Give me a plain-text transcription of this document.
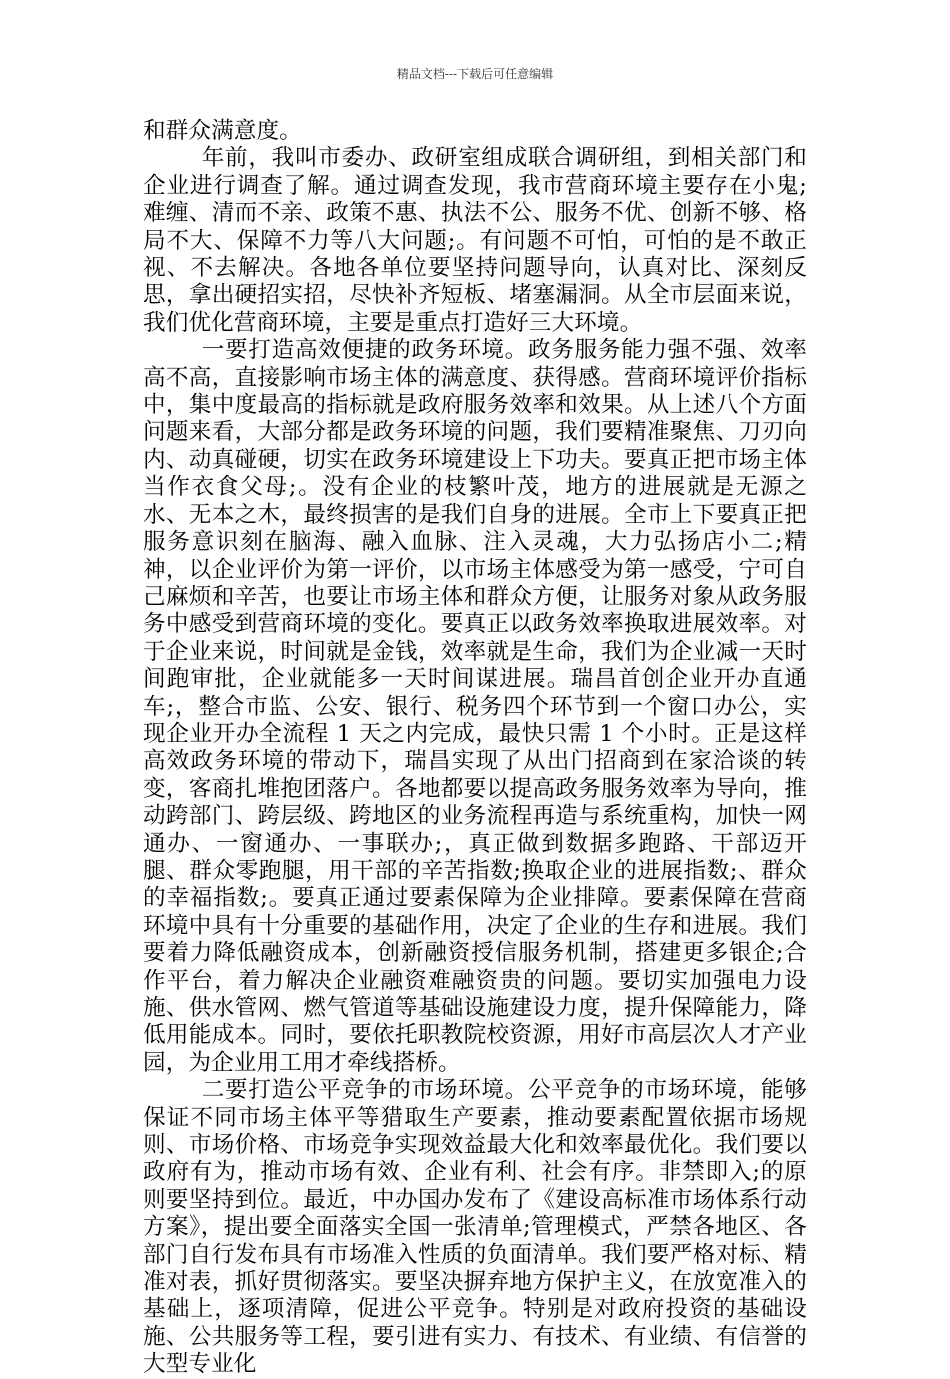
精品文档---下载后可任意编辑

和群众满意度。

年前，我叫市委办、政研室组成联合调研组，到相关部门和企业进行调查了解。通过调查发现，我市营商环境主要存在小鬼;难缠、清而不亲、政策不惠、执法不公、服务不优、创新不够、格局不大、保障不力等八大问题;。有问题不可怕，可怕的是不敢正视、不去解决。各地各单位要坚持问题导向，认真对比、深刻反思，拿出硬招实招，尽快补齐短板、堵塞漏洞。从全市层面来说，我们优化营商环境，主要是重点打造好三大环境。

一要打造高效便捷的政务环境。政务服务能力强不强、效率高不高，直接影响市场主体的满意度、获得感。营商环境评价指标中，集中度最高的指标就是政府服务效率和效果。从上述八个方面问题来看，大部分都是政务环境的问题，我们要精准聚焦、刀刃向内、动真碰硬，切实在政务环境建设上下功夫。要真正把市场主体当作衣食父母;。没有企业的枝繁叶茂，地方的进展就是无源之水、无本之木，最终损害的是我们自身的进展。全市上下要真正把服务意识刻在脑海、融入血脉、注入灵魂，大力弘扬店小二;精神，以企业评价为第一评价，以市场主体感受为第一感受，宁可自己麻烦和辛苦，也要让市场主体和群众方便，让服务对象从政务服务中感受到营商环境的变化。要真正以政务效率换取进展效率。对于企业来说，时间就是金钱，效率就是生命，我们为企业减一天时间跑审批，企业就能多一天时间谋进展。瑞昌首创企业开办直通车;，整合市监、公安、银行、税务四个环节到一个窗口办公，实现企业开办全流程 1 天之内完成，最快只需 1 个小时。正是这样高效政务环境的带动下，瑞昌实现了从出门招商到在家洽谈的转变，客商扎堆抱团落户。各地都要以提高政务服务效率为导向，推动跨部门、跨层级、跨地区的业务流程再造与系统重构，加快一网通办、一窗通办、一事联办;，真正做到数据多跑路、干部迈开腿、群众零跑腿，用干部的辛苦指数;换取企业的进展指数;、群众的幸福指数;。要真正通过要素保障为企业排障。要素保障在营商环境中具有十分重要的基础作用，决定了企业的生存和进展。我们要着力降低融资成本，创新融资授信服务机制，搭建更多银企;合作平台，着力解决企业融资难融资贵的问题。要切实加强电力设施、供水管网、燃气管道等基础设施建设力度，提升保障能力，降低用能成本。同时，要依托职教院校资源，用好市高层次人才产业园，为企业用工用才牵线搭桥。

二要打造公平竞争的市场环境。公平竞争的市场环境，能够保证不同市场主体平等猎取生产要素，推动要素配置依据市场规则、市场价格、市场竞争实现效益最大化和效率最优化。我们要以政府有为，推动市场有效、企业有利、社会有序。非禁即入;的原则要坚持到位。最近，中办国办发布了《建设高标准市场体系行动方案》，提出要全面落实全国一张清单;管理模式，严禁各地区、各部门自行发布具有市场准入性质的负面清单。我们要严格对标、精准对表，抓好贯彻落实。要坚决摒弃地方保护主义，在放宽准入的基础上，逐项清障，促进公平竞争。特别是对政府投资的基础设施、公共服务等工程，要引进有实力、有技术、有业绩、有信誉的大型专业化
